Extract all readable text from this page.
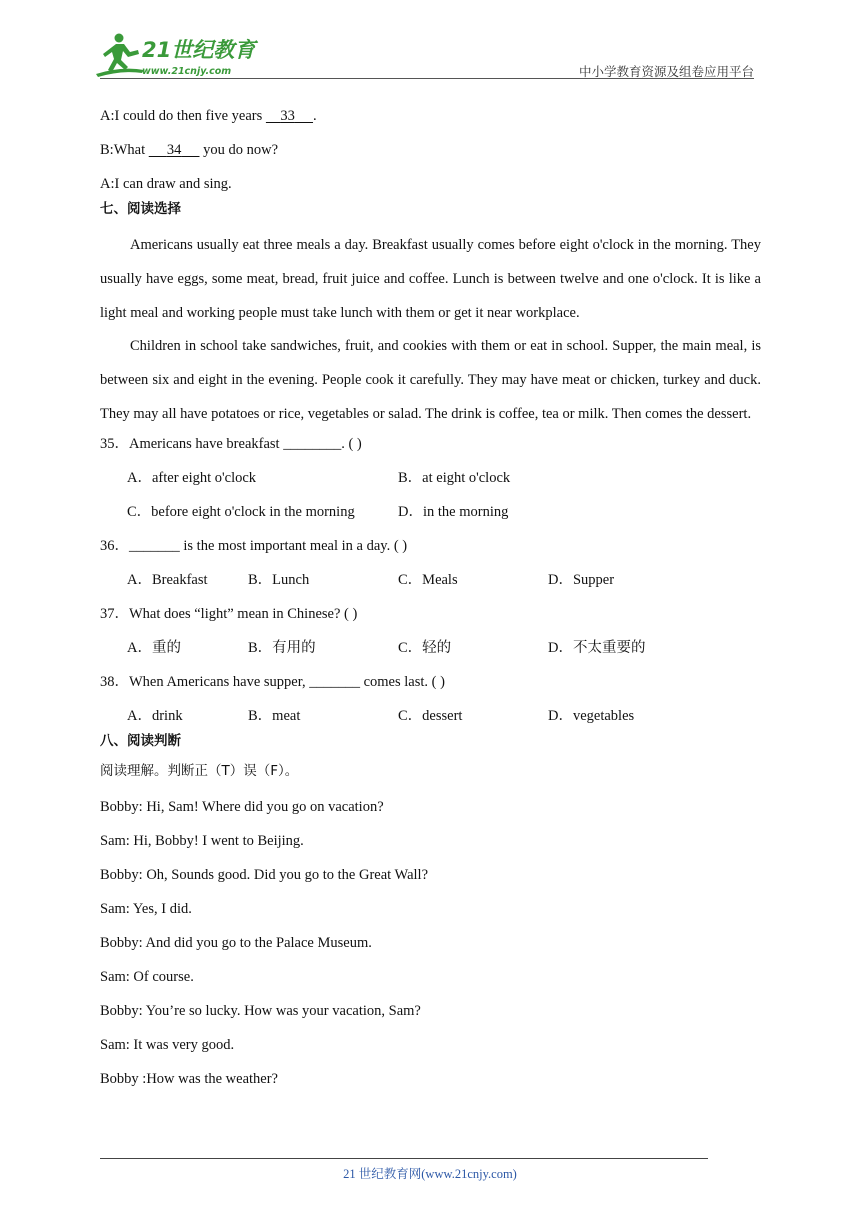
21世纪教育
www.21cnjy.com	中小学教育资源及组卷应用平台
A:I could do then five years     33 .
B:What      34      you do now?
A:I can draw and sing.
七、阅读选择

Americans usually eat three meals a day. Breakfast usually comes before eight o'clock in the morning. They usually have eggs, some meat, bread, fruit juice and coffee. Lunch is between twelve and one o'clock. It is like a light meal and working people must take lunch with them or get it near workplace.

Children in school take sandwiches, fruit, and cookies with them or eat in school. Supper, the main meal, is between six and eight in the evening. People cook it carefully. They may have meat or chicken, turkey and duck. They may all have potatoes or rice, vegetables or salad. The drink is coffee, tea or milk. Then comes the dessert.

35．Americans have breakfast ________. ( )
A．after eight o'clock	B．at eight o'clock
C．before eight o'clock in the morning	D．in the morning
36．_______ is the most important meal in a day. ( )
A．Breakfast	B．Lunch	C．Meals	D．Supper
37．What does “light” mean in Chinese? ( )
A．重的	B．有用的	C．轻的	D．不太重要的
38．When Americans have supper, _______ comes last. ( )
A．drink	B．meat	C．dessert	D．vegetables
八、阅读判断
阅读理解。判断正（T）误（F）。
Bobby: Hi, Sam! Where did you go on vacation?
Sam: Hi, Bobby! I went to Beijing.
Bobby: Oh, Sounds good. Did you go to the Great Wall?
Sam: Yes, I did.
Bobby: And did you go to the Palace Museum.
Sam: Of course.
Bobby: You’re so lucky. How was your vacation, Sam?
Sam: It was very good.
Bobby :How was the weather?
21 世纪教育网(www.21cnjy.com)
